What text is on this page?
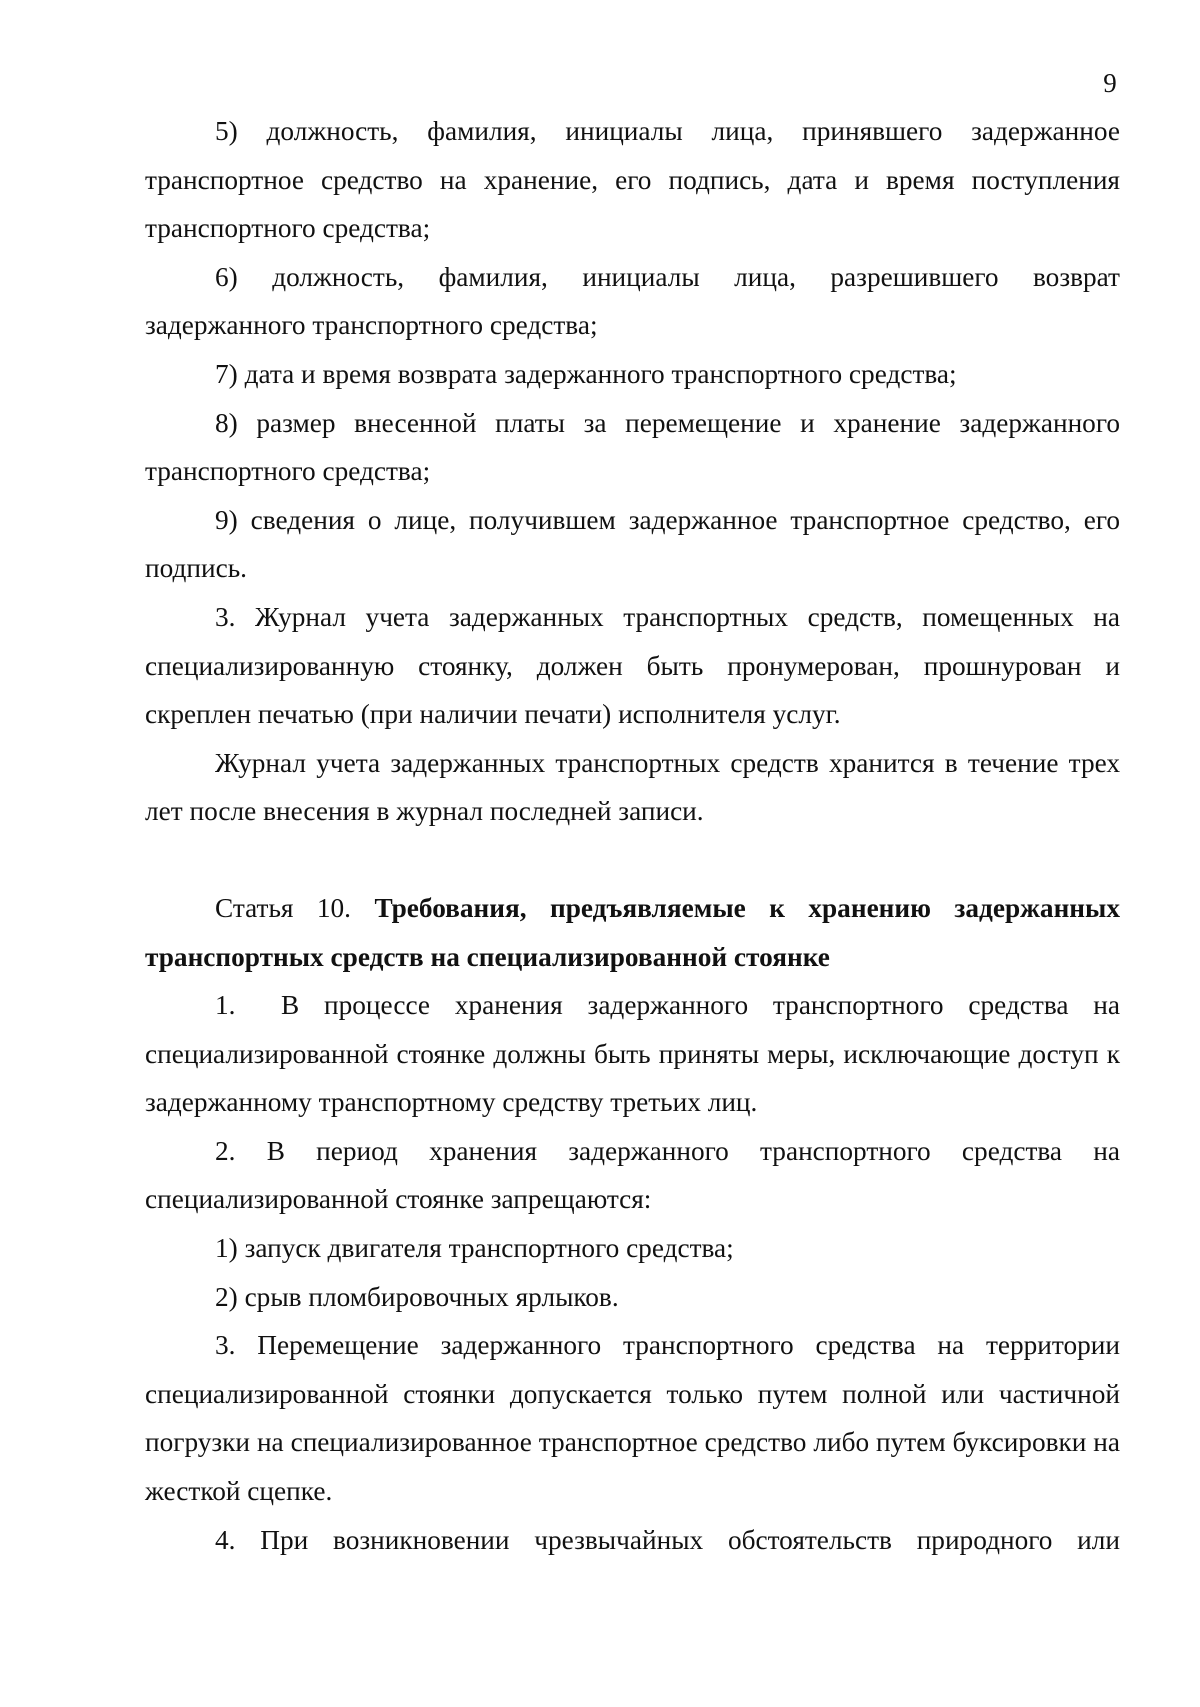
9

5) должность, фамилия, инициалы лица, принявшего задержанное транспортное средство на хранение, его подпись, дата и время поступления транспортного средства;

6) должность, фамилия, инициалы лица, разрешившего возврат задержанного транспортного средства;

7) дата и время возврата задержанного транспортного средства;

8) размер внесенной платы за перемещение и хранение задержанного транспортного средства;

9) сведения о лице, получившем задержанное транспортное средство, его подпись.

3. Журнал учета задержанных транспортных средств, помещенных на специализированную стоянку, должен быть пронумерован, прошнурован и скреплен печатью (при наличии печати) исполнителя услуг.

Журнал учета задержанных транспортных средств хранится в течение трех лет после внесения в журнал последней записи.

Статья 10. Требования, предъявляемые к хранению задержанных транспортных средств на специализированной стоянке

1. В процессе хранения задержанного транспортного средства на специализированной стоянке должны быть приняты меры, исключающие доступ к задержанному транспортному средству третьих лиц.

2. В период хранения задержанного транспортного средства на специализированной стоянке запрещаются:

1) запуск двигателя транспортного средства;

2) срыв пломбировочных ярлыков.

3. Перемещение задержанного транспортного средства на территории специализированной стоянки допускается только путем полной или частичной погрузки на специализированное транспортное средство либо путем буксировки на жесткой сцепке.

4. При возникновении чрезвычайных обстоятельств природного или
